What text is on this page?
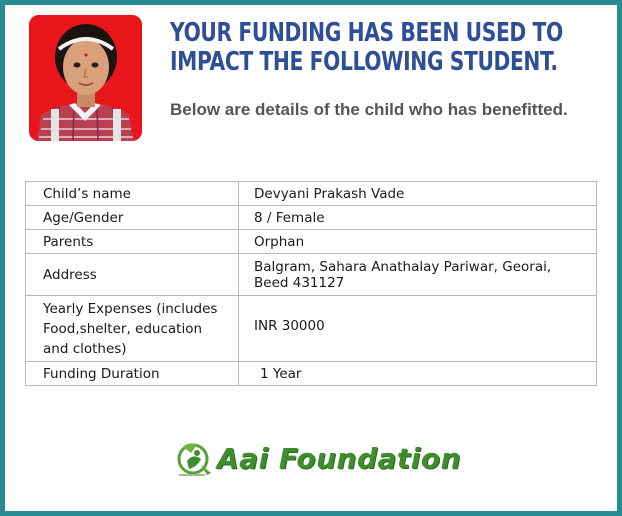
YOUR FUNDING HAS BEEN USED TO IMPACT THE FOLLOWING STUDENT.
Below are details of the child who has benefitted.
Child’s name	Devyani Prakash Vade
Age/Gender	8 / Female
Parents	Orphan
Address	Balgram, Sahara Anathalay Pariwar, Georai, Beed 431127
Yearly Expenses (includes Food,shelter, education and clothes)	INR 30000
Funding Duration	1 Year
Aai Foundation
